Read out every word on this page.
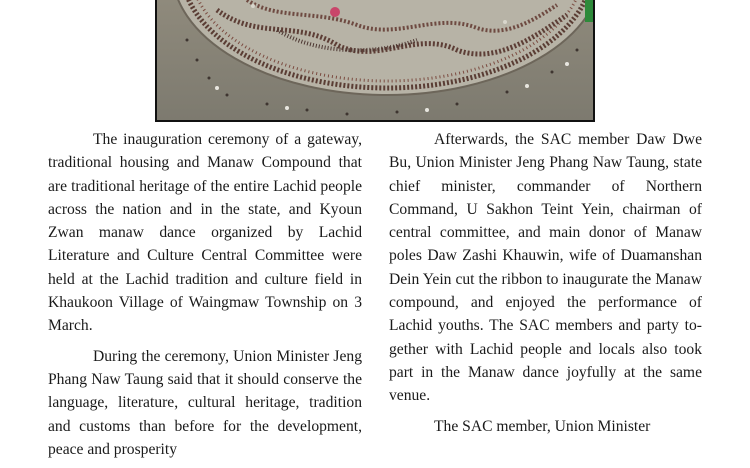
The inauguration ceremony of a gateway, traditional housing and Manaw Compound that are traditional heritage of the entire Lachid people across the nation and in the state, and Kyoun Zwan manaw dance organized by Lachid Literature and Culture Central Committee were held at the Lachid tradition and culture field in Khaukoon Village of Waingmaw Township on 3 March.

During the ceremony, Union Minister Jeng Phang Naw Taung said that it should conserve the language, literature, cultural heritage, tradition and customs than before for the development, peace and prosperity

Afterwards, the SAC member Daw Dwe Bu, Union Minister Jeng Phang Naw Taung, state chief minister, commander of Northern Command, U Sakhon Teint Yein, chairman of central committee, and main donor of Manaw poles Daw Zashi Khauwin, wife of Duamanshan Dein Yein cut the ribbon to inaugurate the Manaw compound, and enjoyed the performance of Lachid youths. The SAC members and party together with Lachid people and locals also took part in the Manaw dance joyfully at the same venue.

The SAC member, Union Minister
